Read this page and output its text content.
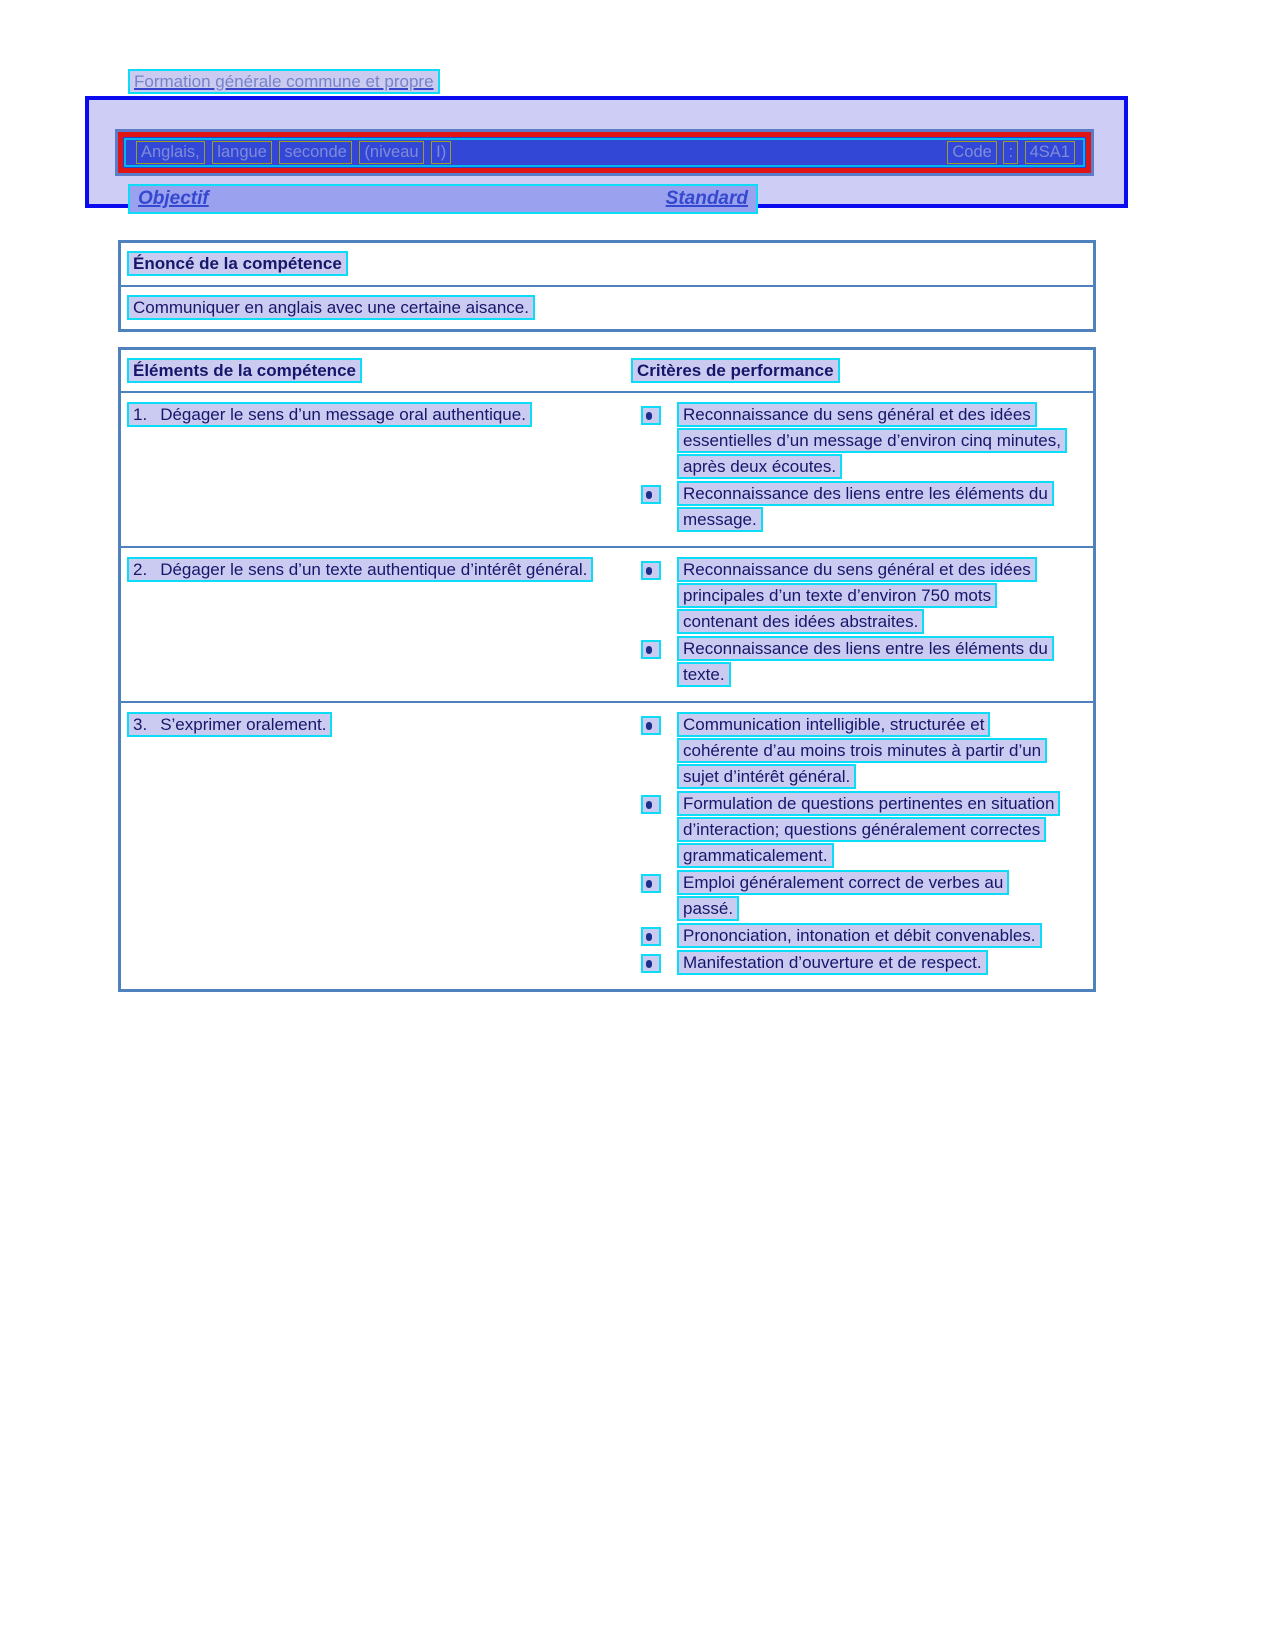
Formation générale commune et propre
Anglais, langue seconde (niveau I)	Code : 4SA1
Objectif	Standard
Énoncé de la compétence
Communiquer en anglais avec une certaine aisance.
Éléments de la compétence	Critères de performance
1. Dégager le sens d’un message oral authentique.	Reconnaissance du sens général et des idées essentielles d’un message d’environ cinq minutes, après deux écoutes.
Reconnaissance des liens entre les éléments du message.
2. Dégager le sens d’un texte authentique d’intérêt général.	Reconnaissance du sens général et des idées principales d’un texte d’environ 750 mots contenant des idées abstraites.
Reconnaissance des liens entre les éléments du texte.
3. S’exprimer oralement.	Communication intelligible, structurée et cohérente d’au moins trois minutes à partir d’un sujet d’intérêt général.
Formulation de questions pertinentes en situation d’interaction; questions généralement correctes grammaticalement.
Emploi généralement correct de verbes au passé.
Prononciation, intonation et débit convenables.
Manifestation d’ouverture et de respect.
